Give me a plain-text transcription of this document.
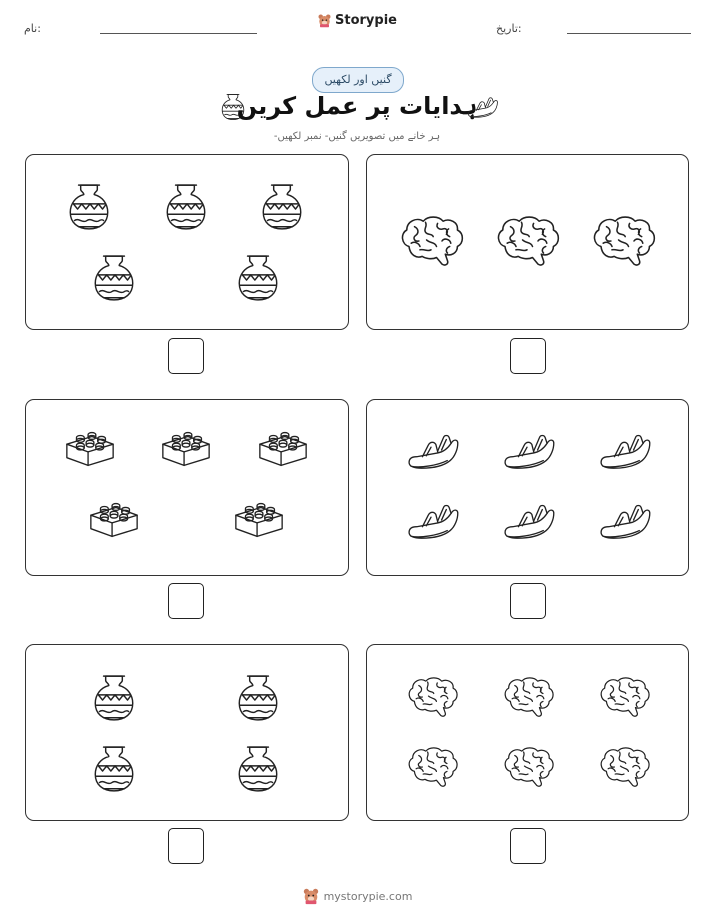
نام:
Storypie
تاریخ:
گنیں اور لکھیں
ہدایات پر عمل کریں
ہر خانے میں تصویریں گنیں- نمبر لکھیں-
mystorypie.com
